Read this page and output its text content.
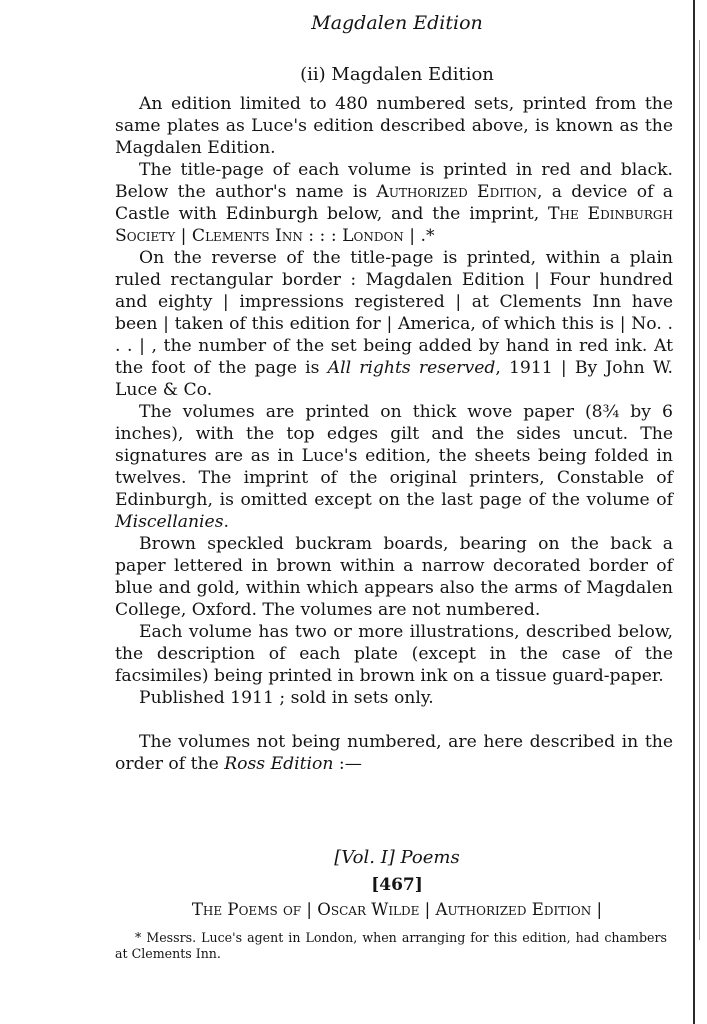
Magdalen Edition
(ii) Magdalen Edition

An edition limited to 480 numbered sets, printed from the same plates as Luce's edition described above, is known as the Magdalen Edition.

The title-page of each volume is printed in red and black. Below the author's name is Authorized Edition, a device of a Castle with Edinburgh below, and the imprint, The Edinburgh Society | Clements Inn : : : London | .*

On the reverse of the title-page is printed, within a plain ruled rectangular border : Magdalen Edition | Four hundred and eighty | impressions registered | at Clements Inn have been | taken of this edition for | America, of which this is | No. . . . | , the number of the set being added by hand in red ink. At the foot of the page is All rights reserved, 1911 | By John W. Luce & Co.

The volumes are printed on thick wove paper (8¾ by 6 inches), with the top edges gilt and the sides uncut. The signatures are as in Luce's edition, the sheets being folded in twelves. The imprint of the original printers, Constable of Edinburgh, is omitted except on the last page of the volume of Miscellanies.

Brown speckled buckram boards, bearing on the back a paper lettered in brown within a narrow decorated border of blue and gold, within which appears also the arms of Magdalen College, Oxford. The volumes are not numbered.

Each volume has two or more illustrations, described below, the description of each plate (except in the case of the facsimiles) being printed in brown ink on a tissue guard-paper.

Published 1911 ; sold in sets only.

The volumes not being numbered, are here described in the order of the Ross Edition :—

[Vol. I] Poems
[467]
The Poems of | Oscar Wilde | Authorized Edition |
* Messrs. Luce's agent in London, when arranging for this edition, had chambers at Clements Inn.
